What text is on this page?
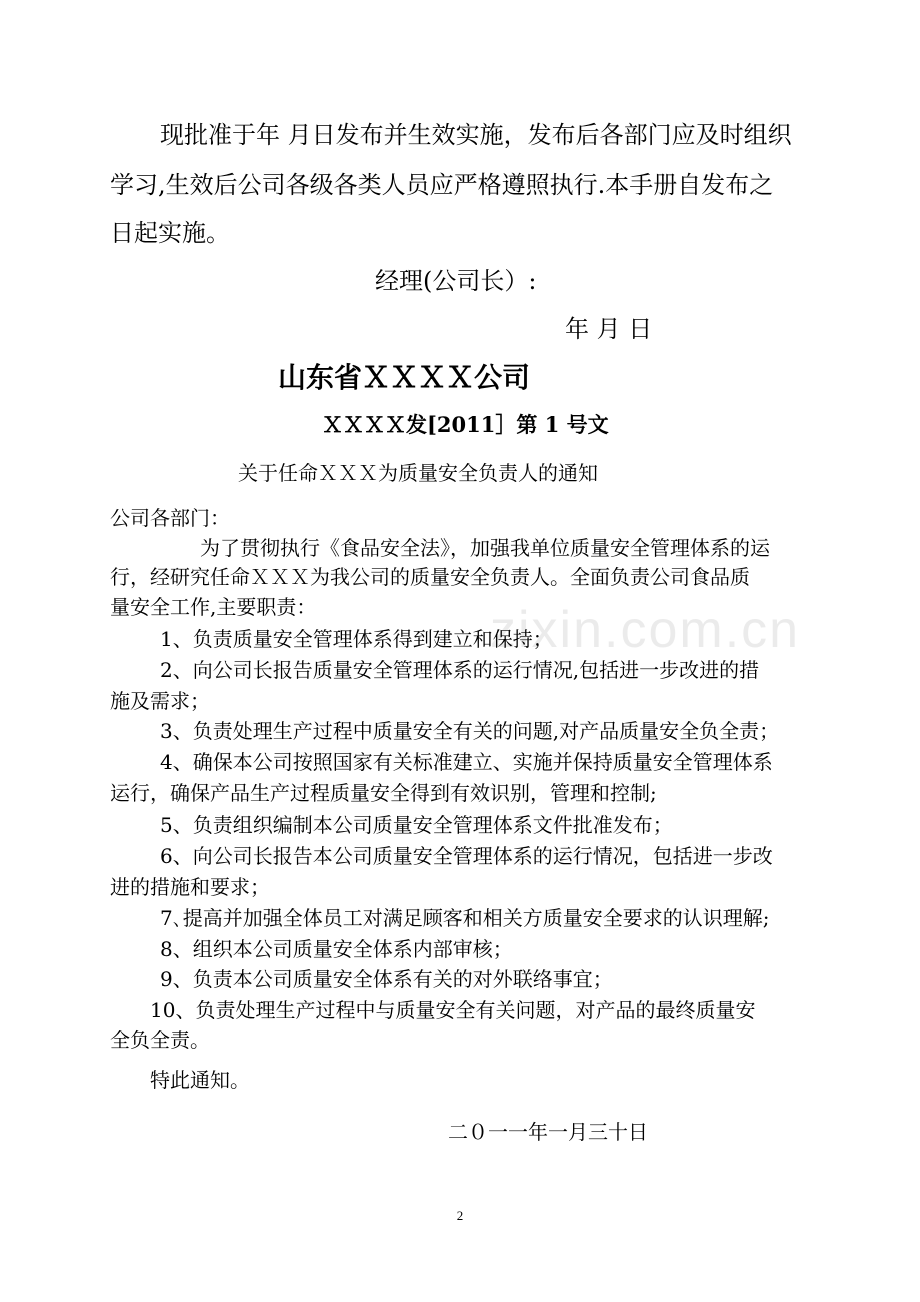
现批准于年 月日发布并生效实施，发布后各部门应及时组织
学习,生效后公司各级各类人员应严格遵照执行.本手册自发布之
日起实施。
经理(公司长）:
年 月 日
山东省ＸＸＸＸ公司
ＸＸＸＸ发[2011］第 1 号文
关于任命ＸＸＸ为质量安全负责人的通知
公司各部门：
为了贯彻执行《食品安全法》，加强我单位质量安全管理体系的运
行，经研究任命ＸＸＸ为我公司的质量安全负责人。全面负责公司食品质
量安全工作,主要职责：
1、负责质量安全管理体系得到建立和保持；
2、向公司长报告质量安全管理体系的运行情况,包括进一步改进的措
施及需求；
3、负责处理生产过程中质量安全有关的问题,对产品质量安全负全责；
4、确保本公司按照国家有关标准建立、实施并保持质量安全管理体系
运行，确保产品生产过程质量安全得到有效识别，管理和控制;
5、负责组织编制本公司质量安全管理体系文件批准发布；
6、向公司长报告本公司质量安全管理体系的运行情况，包括进一步改
进的措施和要求；
7､提高并加强全体员工对满足顾客和相关方质量安全要求的认识理解;
8、组织本公司质量安全体系内部审核；
9、负责本公司质量安全体系有关的对外联络事宜；
10、负责处理生产过程中与质量安全有关问题，对产品的最终质量安
全负全责。
特此通知。
二０一一年一月三十日
zixin.com.cn
2
